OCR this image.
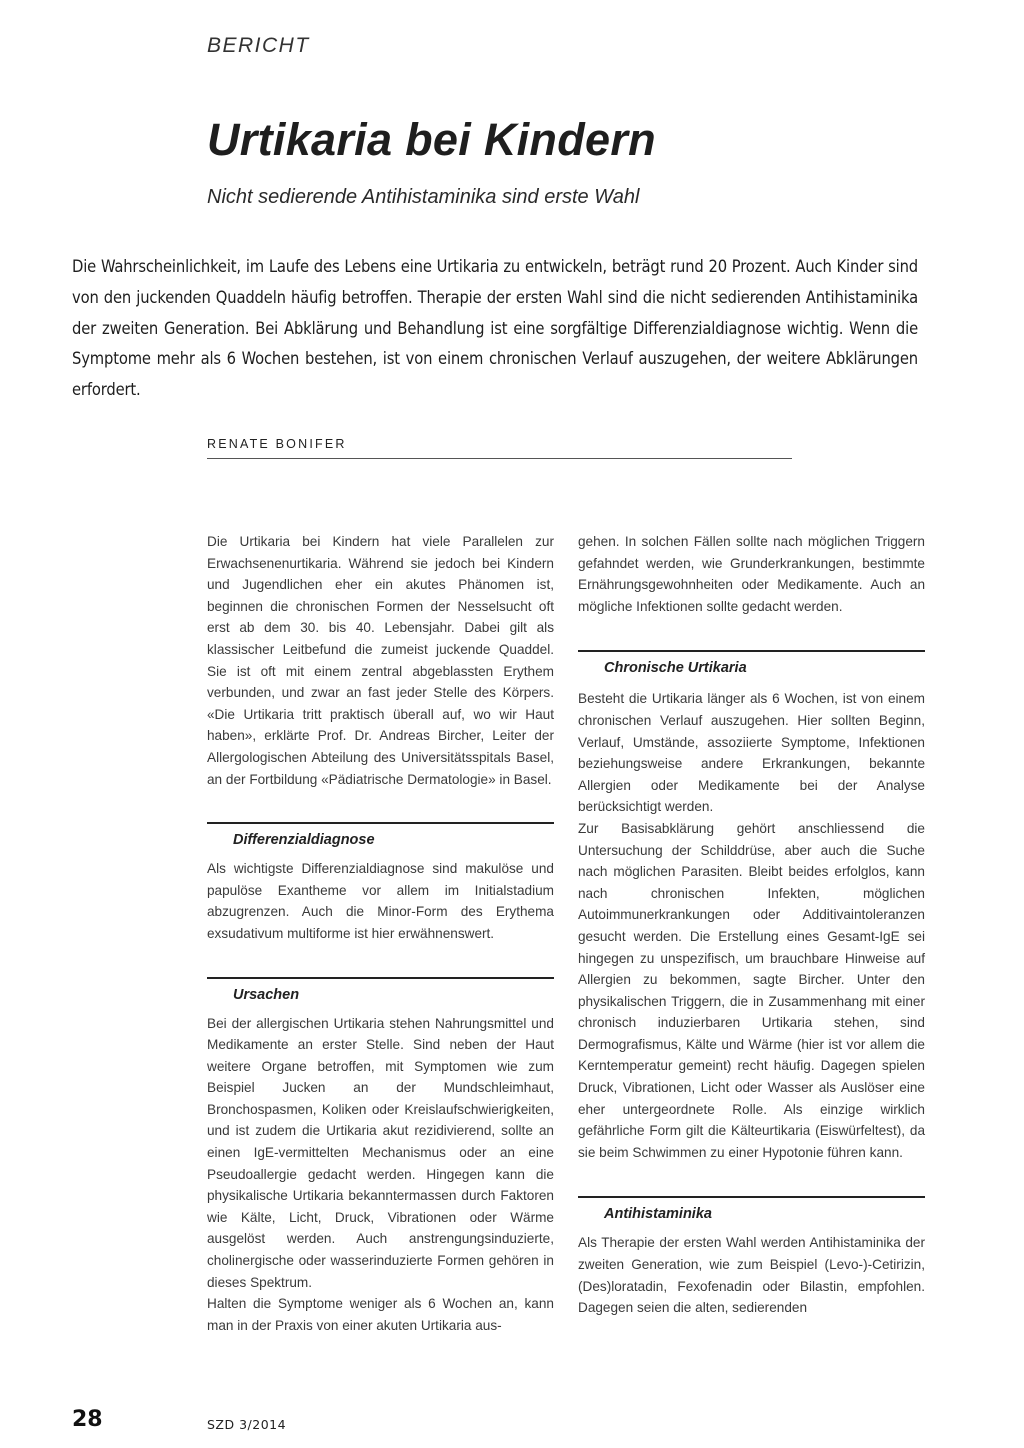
BERICHT
Urtikaria bei Kindern
Nicht sedierende Antihistaminika sind erste Wahl

Die Wahrscheinlichkeit, im Laufe des Lebens eine Urtikaria zu entwickeln, beträgt rund 20 Prozent. Auch Kinder sind von den juckenden Quaddeln häufig betroffen. Therapie der ersten Wahl sind die nicht sedierenden Antihistaminika der zweiten Generation. Bei Abklärung und Behandlung ist eine sorgfältige Differenzialdiagnose wichtig. Wenn die Symptome mehr als 6 Wochen bestehen, ist von einem chronischen Verlauf auszugehen, der weitere Abklärungen erfordert.

RENATE BONIFER

Die Urtikaria bei Kindern hat viele Parallelen zur Erwachsenenurtikaria. Während sie jedoch bei Kindern und Jugendlichen eher ein akutes Phänomen ist, beginnen die chronischen Formen der Nesselsucht oft erst ab dem 30. bis 40. Lebensjahr. Dabei gilt als klassischer Leitbefund die zumeist juckende Quaddel. Sie ist oft mit einem zentral abgeblassten Erythem verbunden, und zwar an fast jeder Stelle des Körpers. «Die Urtikaria tritt praktisch überall auf, wo wir Haut haben», erklärte Prof. Dr. Andreas Bircher, Leiter der Allergologischen Abteilung des Universitätsspitals Basel, an der Fortbildung «Pädiatrische Dermatologie» in Basel.

Differenzialdiagnose

Als wichtigste Differenzialdiagnose sind makulöse und papulöse Exantheme vor allem im Initialstadium abzugrenzen. Auch die Minor-Form des Erythema exsudativum multiforme ist hier erwähnenswert.

Ursachen

Bei der allergischen Urtikaria stehen Nahrungsmittel und Medikamente an erster Stelle. Sind neben der Haut weitere Organe betroffen, mit Symptomen wie zum Beispiel Jucken an der Mundschleimhaut, Bronchospasmen, Koliken oder Kreislaufschwierigkeiten, und ist zudem die Urtikaria akut rezidivierend, sollte an einen IgE-vermittelten Mechanismus oder an eine Pseudoallergie gedacht werden. Hingegen kann die physikalische Urtikaria bekanntermassen durch Faktoren wie Kälte, Licht, Druck, Vibrationen oder Wärme ausgelöst werden. Auch anstrengungsinduzierte, cholinergische oder wasserinduzierte Formen gehören in dieses Spektrum.

Halten die Symptome weniger als 6 Wochen an, kann man in der Praxis von einer akuten Urtikaria aus-

gehen. In solchen Fällen sollte nach möglichen Triggern gefahndet werden, wie Grunderkrankungen, bestimmte Ernährungsgewohnheiten oder Medikamente. Auch an mögliche Infektionen sollte gedacht werden.

Chronische Urtikaria

Besteht die Urtikaria länger als 6 Wochen, ist von einem chronischen Verlauf auszugehen. Hier sollten Beginn, Verlauf, Umstände, assoziierte Symptome, Infektionen beziehungsweise andere Erkrankungen, bekannte Allergien oder Medikamente bei der Analyse berücksichtigt werden.

Zur Basisabklärung gehört anschliessend die Untersuchung der Schilddrüse, aber auch die Suche nach möglichen Parasiten. Bleibt beides erfolglos, kann nach chronischen Infekten, möglichen Autoimmunerkrankungen oder Additivaintoleranzen gesucht werden. Die Erstellung eines Gesamt-IgE sei hingegen zu unspezifisch, um brauchbare Hinweise auf Allergien zu bekommen, sagte Bircher. Unter den physikalischen Triggern, die in Zusammenhang mit einer chronisch induzierbaren Urtikaria stehen, sind Dermografismus, Kälte und Wärme (hier ist vor allem die Kerntemperatur gemeint) recht häufig. Dagegen spielen Druck, Vibrationen, Licht oder Wasser als Auslöser eine eher untergeordnete Rolle. Als einzige wirklich gefährliche Form gilt die Kälteurtikaria (Eiswürfeltest), da sie beim Schwimmen zu einer Hypotonie führen kann.

Antihistaminika

Als Therapie der ersten Wahl werden Antihistaminika der zweiten Generation, wie zum Beispiel (Levo-)-Cetirizin, (Des)loratadin, Fexofenadin oder Bilastin, empfohlen. Dagegen seien die alten, sedierenden

28	SZD 3/2014
